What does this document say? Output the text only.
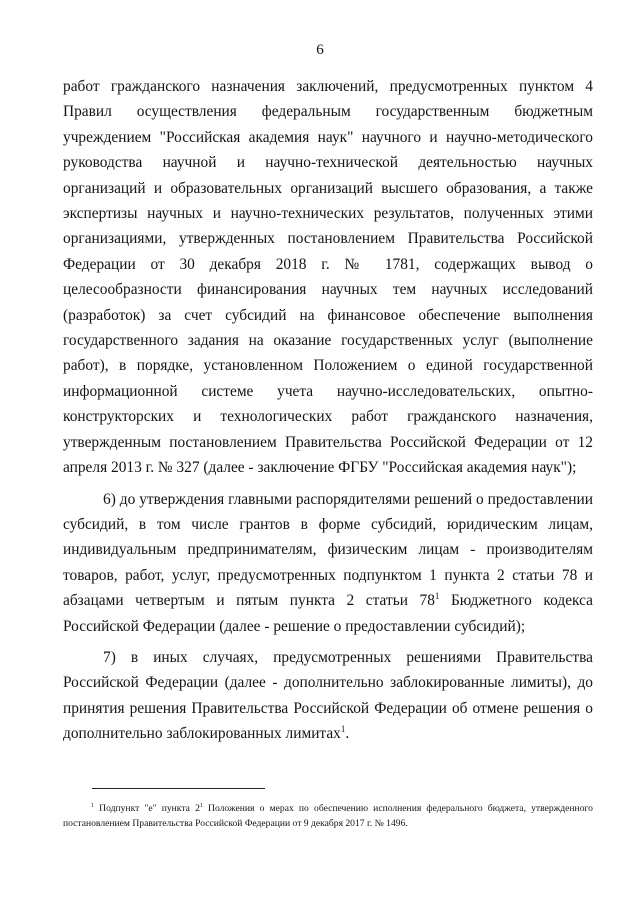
6

работ гражданского назначения заключений, предусмотренных пунктом 4 Правил осуществления федеральным государственным бюджетным учреждением "Российская академия наук" научного и научно-методического руководства научной и научно-технической деятельностью научных организаций и образовательных организаций высшего образования, а также экспертизы научных и научно-технических результатов, полученных этими организациями, утвержденных постановлением Правительства Российской Федерации от 30 декабря 2018 г. № 1781, содержащих вывод о целесообразности финансирования научных тем научных исследований (разработок) за счет субсидий на финансовое обеспечение выполнения государственного задания на оказание государственных услуг (выполнение работ), в порядке, установленном Положением о единой государственной информационной системе учета научно-исследовательских, опытно-конструкторских и технологических работ гражданского назначения, утвержденным постановлением Правительства Российской Федерации от 12 апреля 2013 г. № 327 (далее - заключение ФГБУ "Российская академия наук");

6) до утверждения главными распорядителями решений о предоставлении субсидий, в том числе грантов в форме субсидий, юридическим лицам, индивидуальным предпринимателям, физическим лицам - производителям товаров, работ, услуг, предусмотренных подпунктом 1 пункта 2 статьи 78 и абзацами четвертым и пятым пункта 2 статьи $78^1$ Бюджетного кодекса Российской Федерации (далее - решение о предоставлении субсидий);

7) в иных случаях, предусмотренных решениями Правительства Российской Федерации (далее - дополнительно заблокированные лимиты), до принятия решения Правительства Российской Федерации об отмене решения о дополнительно заблокированных лимитах$^1$.

$^1$ Подпункт "е" пункта $2^1$ Положения о мерах по обеспечению исполнения федерального бюджета, утвержденного постановлением Правительства Российской Федерации от 9 декабря 2017 г. № 1496.
